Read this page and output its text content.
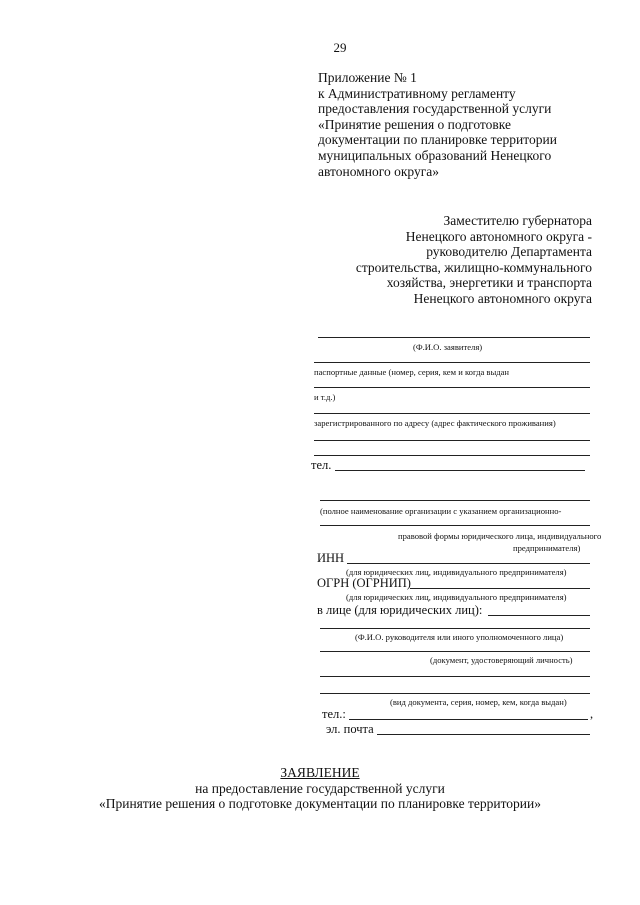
29
Приложение № 1
к Административному регламенту
предоставления государственной услуги
«Принятие решения о подготовке
документации по планировке территории
муниципальных образований Ненецкого
автономного округа»
Заместителю губернатора
Ненецкого автономного округа -
руководителю Департамента
строительства, жилищно-коммунального
хозяйства, энергетики и транспорта
Ненецкого автономного округа
(Ф.И.О. заявителя)
паспортные данные (номер, серия, кем и когда выдан
и т.д.)
зарегистрированного по адресу (адрес фактического проживания)
тел.
(полное наименование организации с указанием организационно-
правовой формы юридического лица, индивидуального
предпринимателя)
ИНН
(для юридических лиц, индивидуального предпринимателя)
ОГРН (ОГРНИП)
(для юридических лиц, индивидуального предпринимателя)
в лице (для юридических лиц):
(Ф.И.О. руководителя или иного уполномоченного лица)
(документ, удостоверяющий личность)
(вид документа, серия, номер, кем, когда выдан)
тел.:	,
эл. почта
ЗАЯВЛЕНИЕ
на предоставление государственной услуги
«Принятие решения о подготовке документации по планировке территории»
